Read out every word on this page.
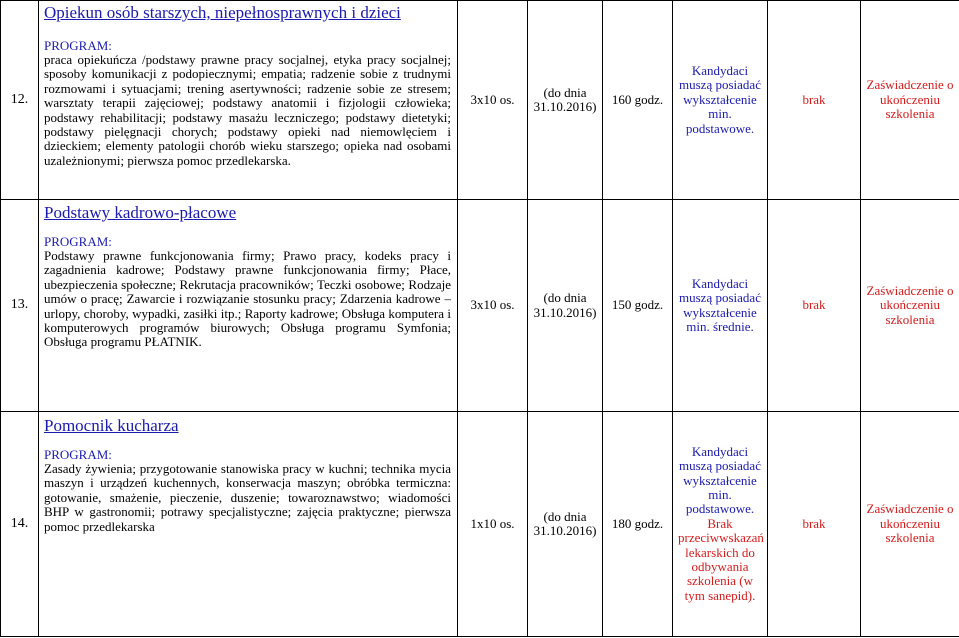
12.	Opiekun osób starszych, niepełnosprawnych i dzieci
PROGRAM:
praca opiekuńcza /podstawy prawne pracy socjalnej, etyka pracy socjalnej; sposoby komunikacji z podopiecznymi; empatia; radzenie sobie z trudnymi rozmowami i sytuacjami; trening asertywności; radzenie sobie ze stresem; warsztaty terapii zajęciowej; podstawy anatomii i fizjologii człowieka; podstawy rehabilitacji; podstawy masażu leczniczego; podstawy dietetyki; podstawy pielęgnacji chorych; podstawy opieki nad niemowlęciem i dzieckiem; elementy patologii chorób wieku starszego; opieka nad osobami uzależnionymi; pierwsza pomoc przedlekarska.	3x10 os.	(do dnia 31.10.2016)	160 godz.	Kandydaci muszą posiadać wykształcenie min. podstawowe.	brak	Zaświadczenie o ukończeniu szkolenia
13.	Podstawy kadrowo-płacowe
PROGRAM:
Podstawy prawne funkcjonowania firmy; Prawo pracy, kodeks pracy i zagadnienia kadrowe; Podstawy prawne funkcjonowania firmy; Płace, ubezpieczenia społeczne; Rekrutacja pracowników; Teczki osobowe; Rodzaje umów o pracę; Zawarcie i rozwiązanie stosunku pracy; Zdarzenia kadrowe – urlopy, choroby, wypadki, zasiłki itp.; Raporty kadrowe; Obsługa komputera i komputerowych programów biurowych; Obsługa programu Symfonia; Obsługa programu PŁATNIK.	3x10 os.	(do dnia 31.10.2016)	150 godz.	Kandydaci muszą posiadać wykształcenie min. średnie.	brak	Zaświadczenie o ukończeniu szkolenia
14.	Pomocnik kucharza
PROGRAM:
Zasady żywienia; przygotowanie stanowiska pracy w kuchni; technika mycia maszyn i urządzeń kuchennych, konserwacja maszyn; obróbka termiczna: gotowanie, smażenie, pieczenie, duszenie; towaroznawstwo; wiadomości BHP w gastronomii; potrawy specjalistyczne; zajęcia praktyczne; pierwsza pomoc przedlekarska	1x10 os.	(do dnia 31.10.2016)	180 godz.	Kandydaci muszą posiadać wykształcenie min. podstawowe. Brak przeciwwskazań lekarskich do odbywania szkolenia (w tym sanepid).	brak	Zaświadczenie o ukończeniu szkolenia
